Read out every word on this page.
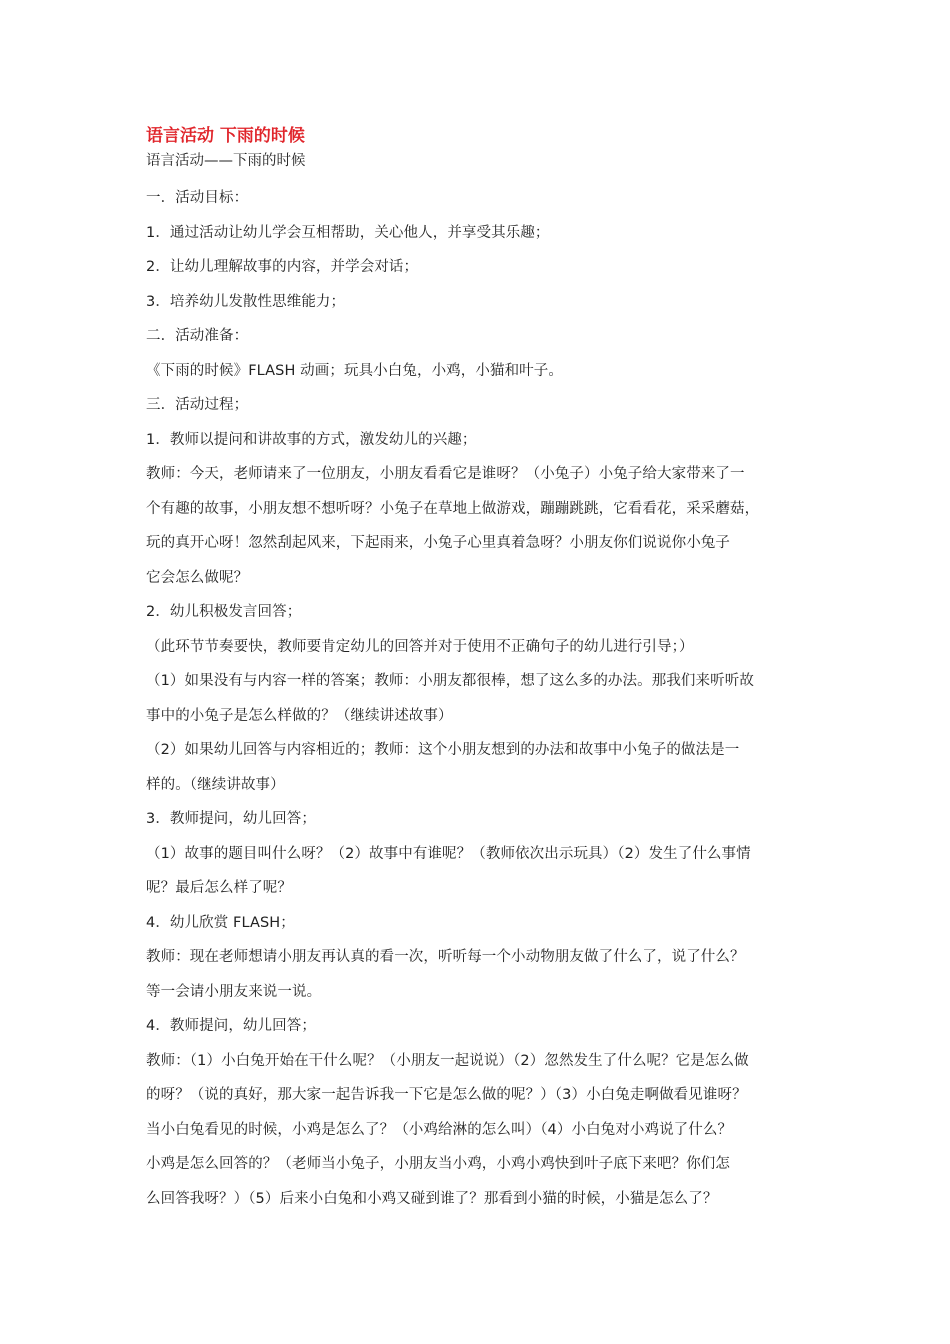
语言活动 下雨的时候
语言活动——下雨的时候
一．活动目标：
1．通过活动让幼儿学会互相帮助，关心他人，并享受其乐趣；
2．让幼儿理解故事的内容，并学会对话；
3．培养幼儿发散性思维能力；
二．活动准备：
《下雨的时候》FLASH 动画；玩具小白兔，小鸡，小猫和叶子。
三．活动过程；
1．教师以提问和讲故事的方式，激发幼儿的兴趣；
教师：今天，老师请来了一位朋友，小朋友看看它是谁呀？（小兔子）小兔子给大家带来了一
个有趣的故事，小朋友想不想听呀？小兔子在草地上做游戏，蹦蹦跳跳，它看看花，采采蘑菇，
玩的真开心呀！忽然刮起风来，下起雨来，小兔子心里真着急呀？小朋友你们说说你小兔子
它会怎么做呢？
2．幼儿积极发言回答；
（此环节节奏要快，教师要肯定幼儿的回答并对于使用不正确句子的幼儿进行引导；）
（1）如果没有与内容一样的答案；教师：小朋友都很棒，想了这么多的办法。那我们来听听故
事中的小兔子是怎么样做的？（继续讲述故事）
（2）如果幼儿回答与内容相近的；教师：这个小朋友想到的办法和故事中小兔子的做法是一
样的。（继续讲故事）
3．教师提问，幼儿回答；
（1）故事的题目叫什么呀？（2）故事中有谁呢？（教师依次出示玩具）（2）发生了什么事情
呢？最后怎么样了呢？
4．幼儿欣赏 FLASH；
教师：现在老师想请小朋友再认真的看一次，听听每一个小动物朋友做了什么了，说了什么？
等一会请小朋友来说一说。
4．教师提问，幼儿回答；
教师：（1）小白兔开始在干什么呢？（小朋友一起说说）（2）忽然发生了什么呢？它是怎么做
的呀？（说的真好，那大家一起告诉我一下它是怎么做的呢？）（3）小白兔走啊做看见谁呀？
当小白兔看见的时候，小鸡是怎么了？（小鸡给淋的怎么叫）（4）小白兔对小鸡说了什么？
小鸡是怎么回答的？（老师当小兔子，小朋友当小鸡，小鸡小鸡快到叶子底下来吧？你们怎
么回答我呀？）（5）后来小白兔和小鸡又碰到谁了？那看到小猫的时候，小猫是怎么了？
